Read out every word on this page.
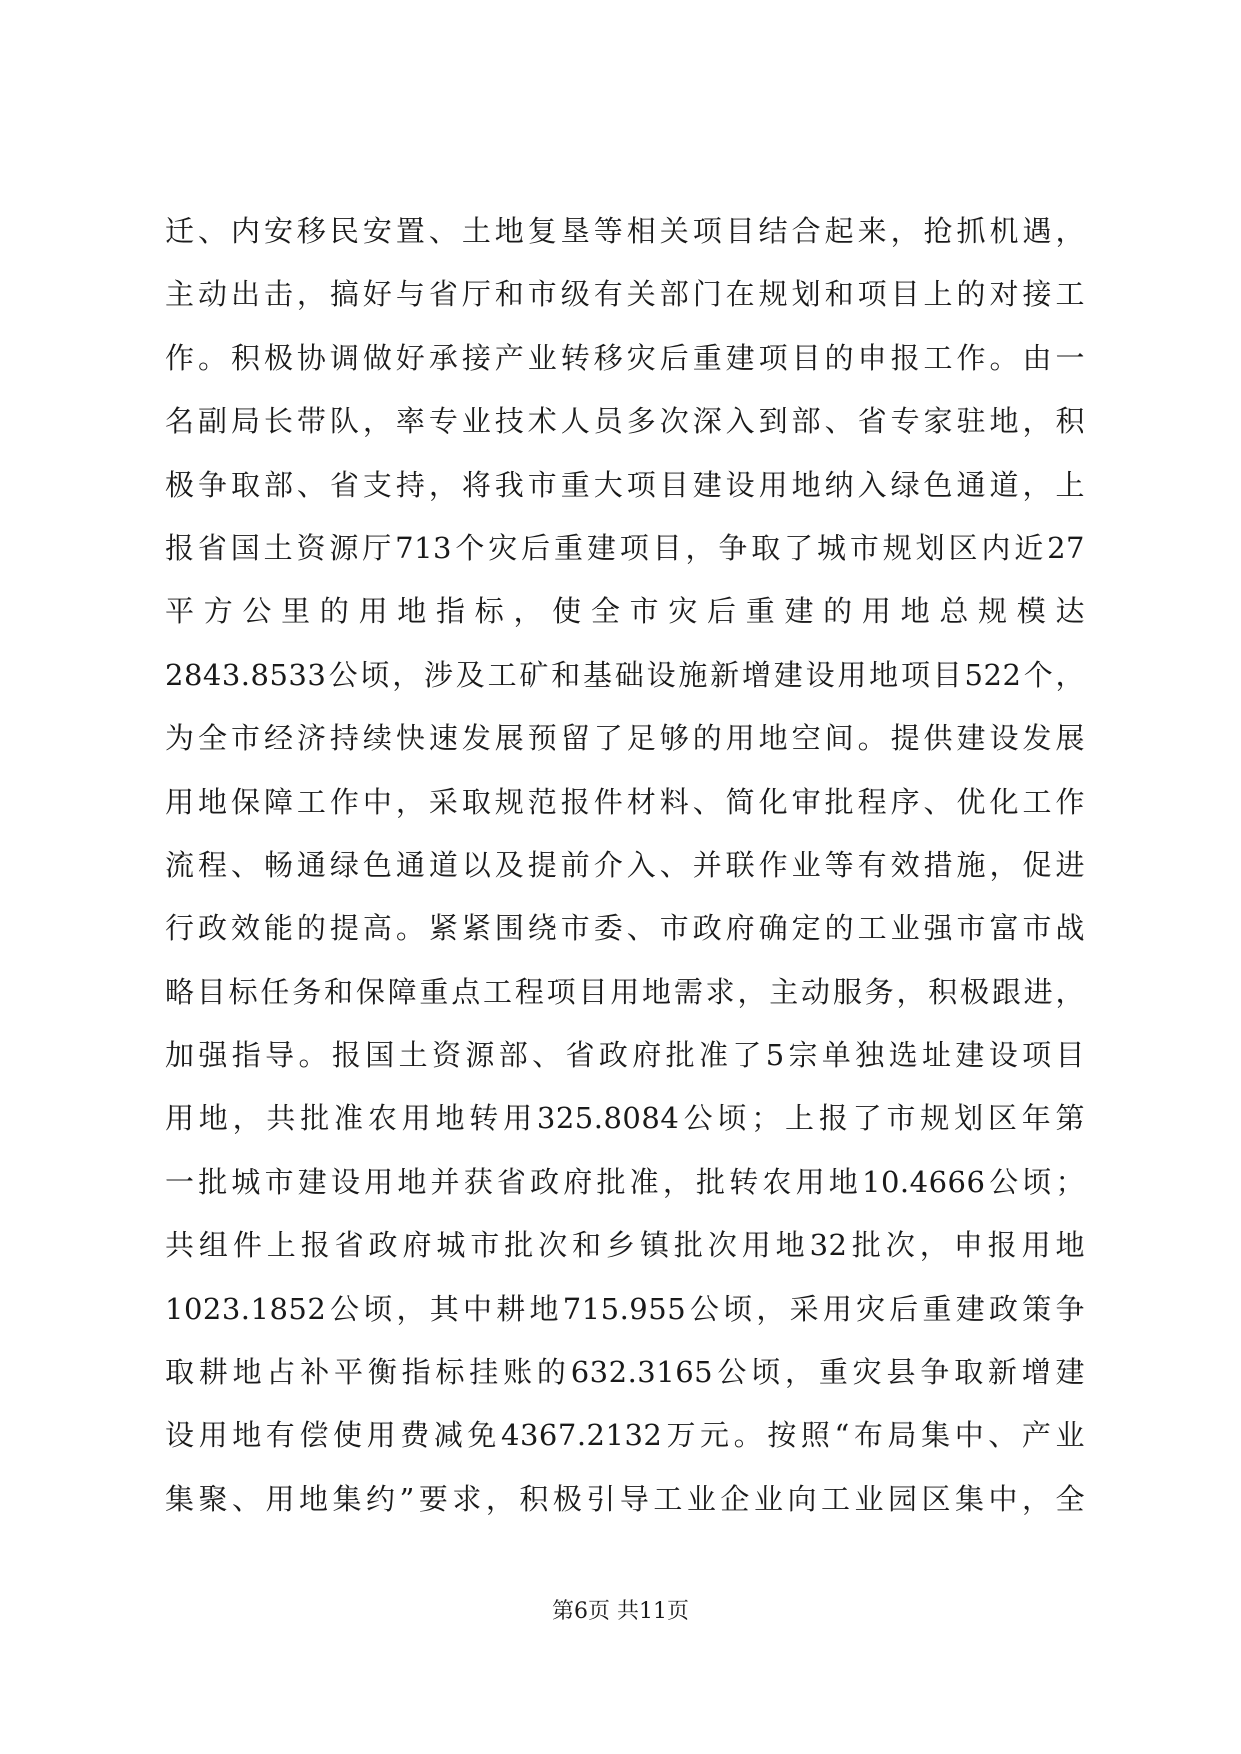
迁、内安移民安置、土地复垦等相关项目结合起来，抢抓机遇，
主动出击，搞好与省厅和市级有关部门在规划和项目上的对接工
作。积极协调做好承接产业转移灾后重建项目的申报工作。由一
名副局长带队，率专业技术人员多次深入到部、省专家驻地，积
极争取部、省支持，将我市重大项目建设用地纳入绿色通道，上
报省国土资源厅713个灾后重建项目，争取了城市规划区内近27
平方公里的用地指标，使全市灾后重建的用地总规模达
2843.8533公顷，涉及工矿和基础设施新增建设用地项目522个，
为全市经济持续快速发展预留了足够的用地空间。提供建设发展
用地保障工作中，采取规范报件材料、简化审批程序、优化工作
流程、畅通绿色通道以及提前介入、并联作业等有效措施，促进
行政效能的提高。紧紧围绕市委、市政府确定的工业强市富市战
略目标任务和保障重点工程项目用地需求，主动服务，积极跟进，
加强指导。报国土资源部、省政府批准了5宗单独选址建设项目
用地，共批准农用地转用325.8084公顷；上报了市规划区年第
一批城市建设用地并获省政府批准，批转农用地10.4666公顷；
共组件上报省政府城市批次和乡镇批次用地32批次，申报用地
1023.1852公顷，其中耕地715.955公顷，采用灾后重建政策争
取耕地占补平衡指标挂账的632.3165公顷，重灾县争取新增建
设用地有偿使用费减免4367.2132万元。按照“布局集中、产业
集聚、用地集约”要求，积极引导工业企业向工业园区集中，全
第6页 共11页
